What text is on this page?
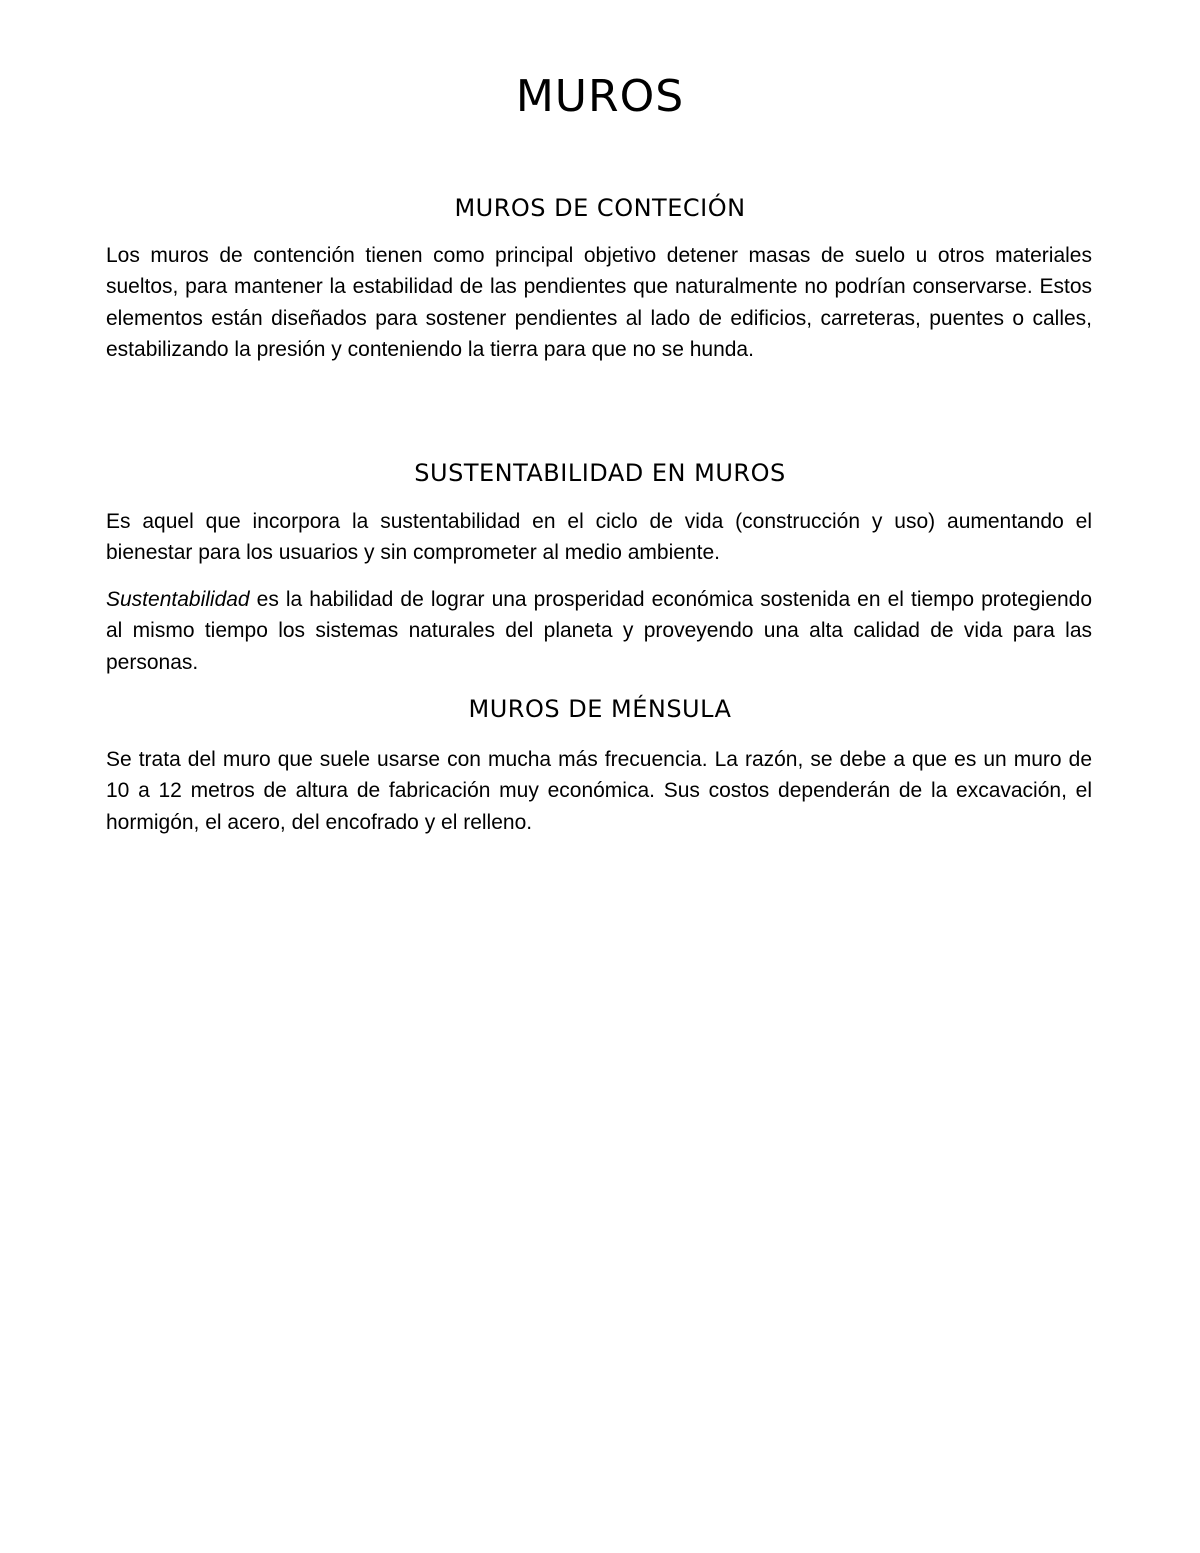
MUROS
MUROS DE CONTECIÓN

Los muros de contención tienen como principal objetivo detener masas de suelo u otros materiales sueltos, para mantener la estabilidad de las pendientes que naturalmente no podrían conservarse. Estos elementos están diseñados para sostener pendientes al lado de edificios, carreteras, puentes o calles, estabilizando la presión y conteniendo la tierra para que no se hunda.

SUSTENTABILIDAD EN MUROS

Es aquel que incorpora la sustentabilidad en el ciclo de vida (construcción y uso) aumentando el bienestar para los usuarios y sin comprometer al medio ambiente.

Sustentabilidad es la habilidad de lograr una prosperidad económica sostenida en el tiempo protegiendo al mismo tiempo los sistemas naturales del planeta y proveyendo una alta calidad de vida para las personas.

MUROS DE MÉNSULA

Se trata del muro que suele usarse con mucha más frecuencia. La razón, se debe a que es un muro de 10 a 12 metros de altura de fabricación muy económica. Sus costos dependerán de la excavación, el hormigón, el acero, del encofrado y el relleno.
